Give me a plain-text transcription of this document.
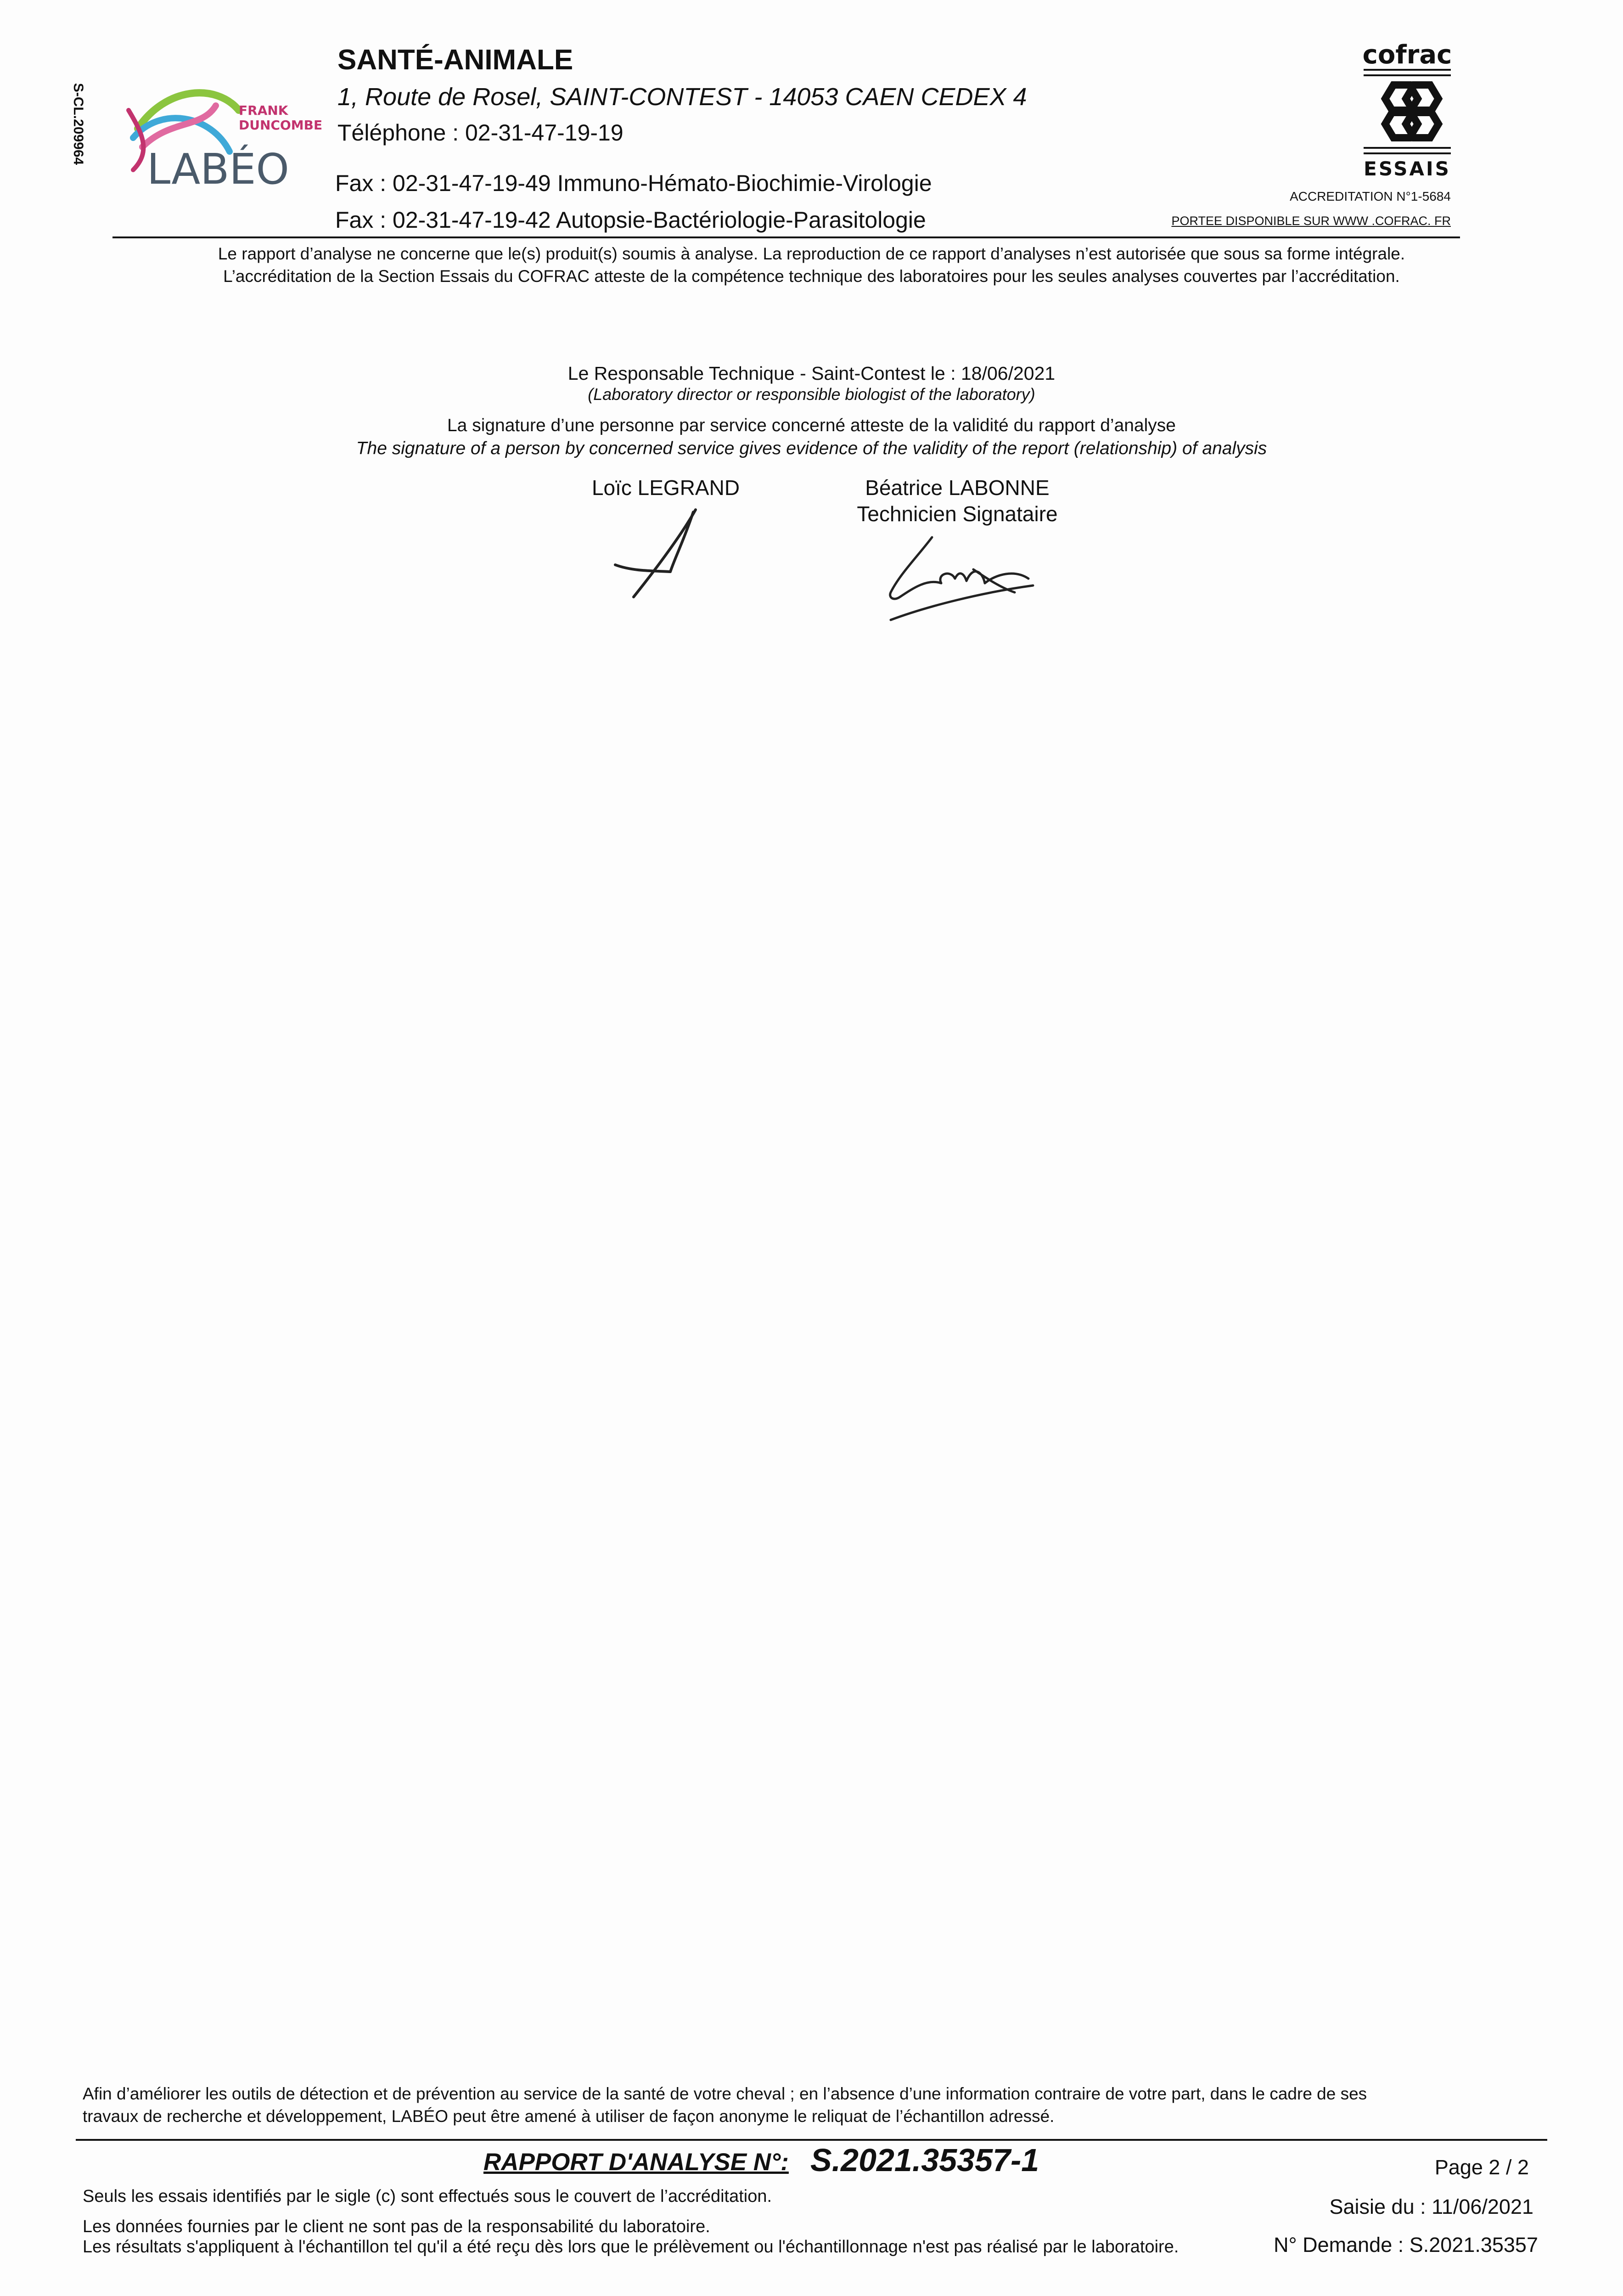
S-CL.209964	FRANK
DUNCOMBE
LABÉO
SANTÉ-ANIMALE
1, Route de Rosel, SAINT-CONTEST - 14053 CAEN CEDEX 4
Téléphone : 02-31-47-19-19
Fax : 02-31-47-19-49 Immuno-Hémato-Biochimie-Virologie
Fax : 02-31-47-19-42 Autopsie-Bactériologie-Parasitologie
cofrac
ESSAIS
ACCREDITATION N°1-5684
PORTEE DISPONIBLE SUR WWW .COFRAC. FR
Le rapport d’analyse ne concerne que le(s) produit(s) soumis à analyse. La reproduction de ce rapport d’analyses n’est autorisée que sous sa forme intégrale.
L’accréditation de la Section Essais du COFRAC atteste de la compétence technique des laboratoires pour les seules analyses couvertes par l’accréditation.
Le Responsable Technique - Saint-Contest le : 18/06/2021
(Laboratory director or responsible biologist of the laboratory)
La signature d’une personne par service concerné atteste de la validité du rapport d’analyse
The signature of a person by concerned service gives evidence of the validity of the report (relationship) of analysis
Loïc LEGRAND	Béatrice LABONNE
Technicien Signataire
Afin d’améliorer les outils de détection et de prévention au service de la santé de votre cheval ; en l’absence d’une information contraire de votre part, dans le cadre de ses
travaux de recherche et développement, LABÉO peut être amené à utiliser de façon anonyme le reliquat de l’échantillon adressé.
RAPPORT D'ANALYSE N°: S.2021.35357-1	Page 2 / 2
Saisie du : 11/06/2021
N° Demande : S.2021.35357
Seuls les essais identifiés par le sigle (c) sont effectués sous le couvert de l’accréditation.
Les données fournies par le client ne sont pas de la responsabilité du laboratoire.
Les résultats s'appliquent à l'échantillon tel qu'il a été reçu dès lors que le prélèvement ou l'échantillonnage n'est pas réalisé par le laboratoire.
